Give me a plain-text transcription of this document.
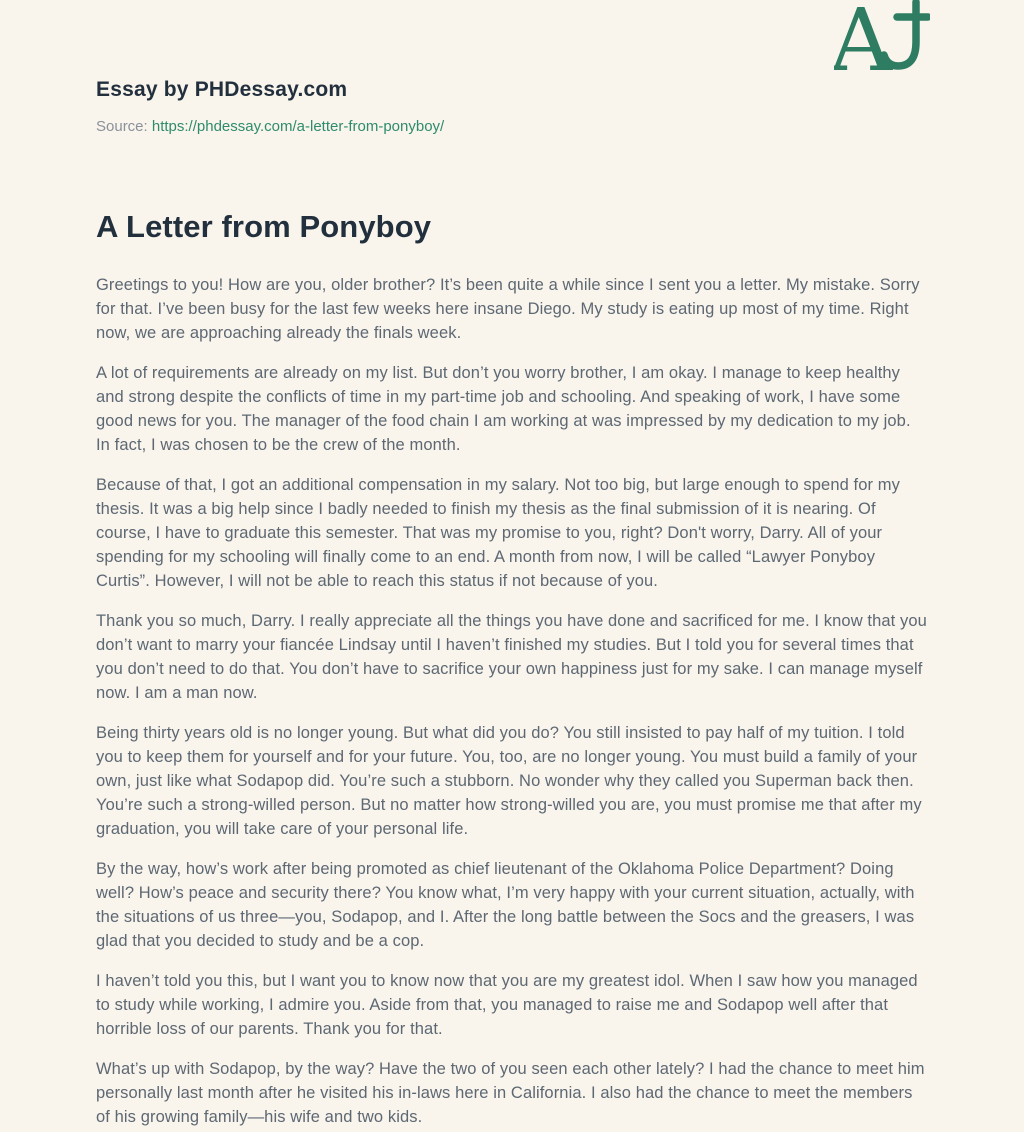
Essay by PHDessay.com
Source: https://phdessay.com/a-letter-from-ponyboy/
A
A Letter from Ponyboy

Greetings to you! How are you, older brother? It’s been quite a while since I sent you a letter. My mistake. Sorry for that. I’ve been busy for the last few weeks here insane Diego. My study is eating up most of my time. Right now, we are approaching already the finals week.

A lot of requirements are already on my list. But don’t you worry brother, I am okay. I manage to keep healthy and strong despite the conflicts of time in my part-time job and schooling. And speaking of work, I have some good news for you. The manager of the food chain I am working at was impressed by my dedication to my job. In fact, I was chosen to be the crew of the month.

Because of that, I got an additional compensation in my salary. Not too big, but large enough to spend for my thesis. It was a big help since I badly needed to finish my thesis as the final submission of it is nearing. Of course, I have to graduate this semester. That was my promise to you, right? Don't worry, Darry. All of your spending for my schooling will finally come to an end. A month from now, I will be called “Lawyer Ponyboy Curtis”. However, I will not be able to reach this status if not because of you.

Thank you so much, Darry. I really appreciate all the things you have done and sacrificed for me. I know that you don’t want to marry your fiancée Lindsay until I haven’t finished my studies. But I told you for several times that you don’t need to do that. You don’t have to sacrifice your own happiness just for my sake. I can manage myself now. I am a man now.

Being thirty years old is no longer young. But what did you do? You still insisted to pay half of my tuition. I told you to keep them for yourself and for your future. You, too, are no longer young. You must build a family of your own, just like what Sodapop did. You’re such a stubborn. No wonder why they called you Superman back then. You’re such a strong-willed person. But no matter how strong-willed you are, you must promise me that after my graduation, you will take care of your personal life.

By the way, how’s work after being promoted as chief lieutenant of the Oklahoma Police Department? Doing well? How’s peace and security there? You know what, I’m very happy with your current situation, actually, with the situations of us three—you, Sodapop, and I. After the long battle between the Socs and the greasers, I was glad that you decided to study and be a cop.

I haven’t told you this, but I want you to know now that you are my greatest idol. When I saw how you managed to study while working, I admire you. Aside from that, you managed to raise me and Sodapop well after that horrible loss of our parents. Thank you for that.

What’s up with Sodapop, by the way? Have the two of you seen each other lately? I had the chance to meet him personally last month after he visited his in-laws here in California. I also had the chance to meet the members of his growing family—his wife and two kids.
